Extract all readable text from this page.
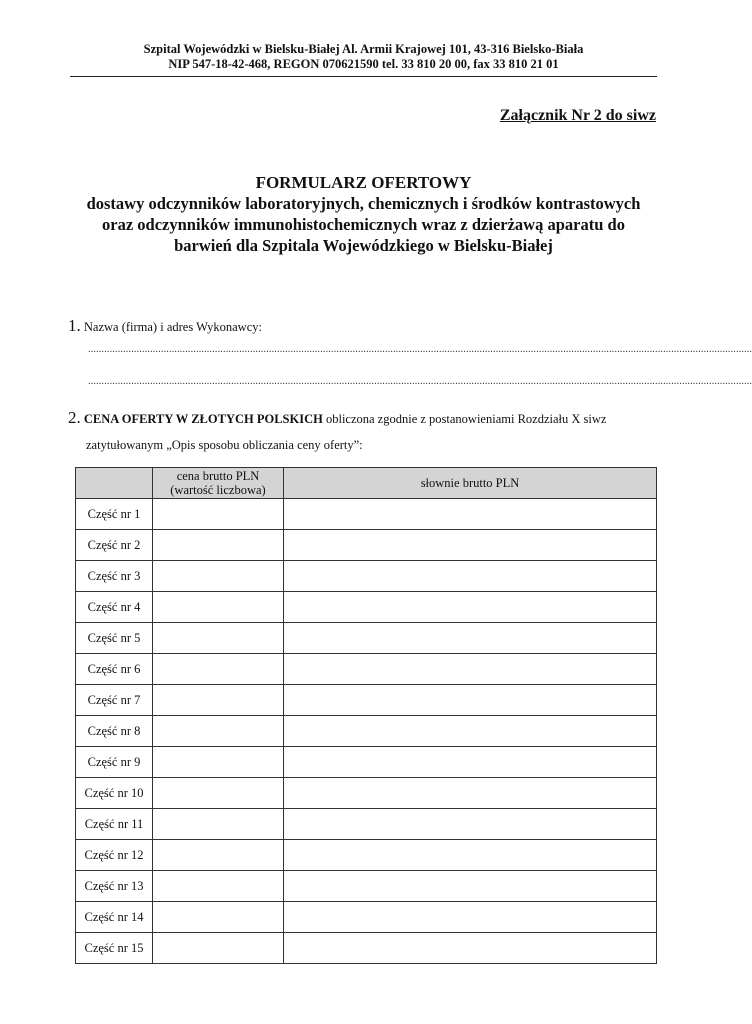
Szpital Wojewódzki w Bielsku-Białej Al. Armii Krajowej 101, 43-316 Bielsko-Biała
NIP 547-18-42-468, REGON 070621590 tel. 33 810 20 00, fax 33 810 21 01
Załącznik Nr 2 do siwz
FORMULARZ OFERTOWY
dostawy odczynników laboratoryjnych, chemicznych i środków kontrastowych
oraz odczynników immunohistochemicznych wraz z dzierżawą aparatu do
barwień dla Szpitala Wojewódzkiego w Bielsku-Białej
1. Nazwa (firma) i adres Wykonawcy:
......................................................................................................................................................................................................................................................
......................................................................................................................................................................................................................................................
2. CENA OFERTY W ZŁOTYCH POLSKICH obliczona zgodnie z postanowieniami Rozdziału X siwz
zatytułowanym „Opis sposobu obliczania ceny oferty”:

	cena brutto PLN
(wartość liczbowa)	słownie brutto PLN
Część nr 1		
Część nr 2		
Część nr 3		
Część nr 4		
Część nr 5		
Część nr 6		
Część nr 7		
Część nr 8		
Część nr 9		
Część nr 10		
Część nr 11		
Część nr 12		
Część nr 13		
Część nr 14		
Część nr 15		
